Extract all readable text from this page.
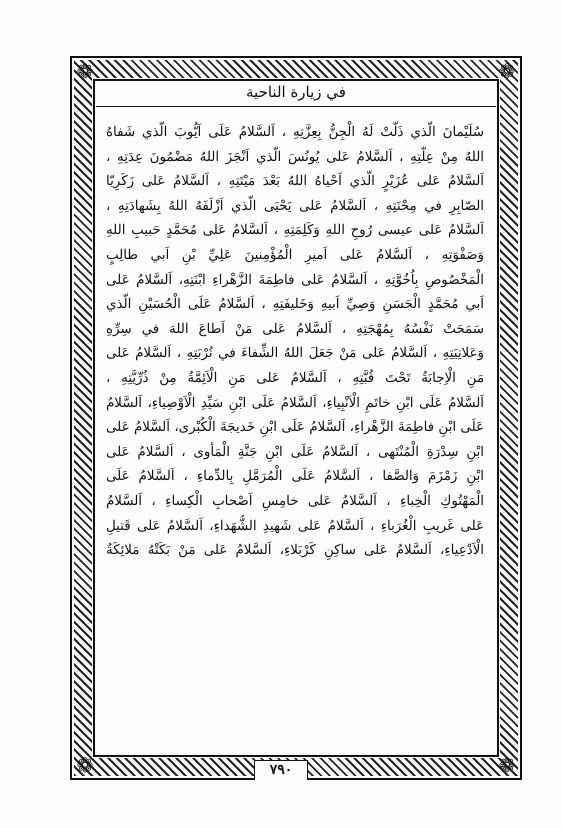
❁	❁
❁	❁
في زيارة الناحية
سُلَيْمانَ الَّذي ذَلَّتْ لَهُ الْجِنُّ بِعِزَّتِهِ ، اَلسَّلامُ عَلَى اَيُّوبَ الَّذي شَفاهُ
اللهُ مِنْ عِلَّتِهِ ، اَلسَّلامُ عَلى يُونُسَ الَّذي اَنْجَزَ اللهُ مَضْمُونَ عِدَتِهِ ،
اَلسَّلامُ عَلى عُزَيْرٍ الَّذي اَحْياهُ اللهُ بَعْدَ مَيْتَتِهِ ، اَلسَّلامُ عَلى زَكَرِيّا
الصّابِرِ في مِحْنَتِهِ ، اَلسَّلامُ عَلى يَحْيَى الَّذي اَزْلَفَهُ اللهُ بِشَهادَتِهِ ،
اَلسَّلامُ عَلى عيسى رُوحِ اللهِ وَكَلِمَتِهِ ، اَلسَّلامُ عَلى مُحَمَّدٍ حَبيبِ اللهِ
وَصَفْوَتِهِ ، اَلسَّلامُ عَلى اَميرِ الْمُؤْمِنينَ عَلِيِّ بْنِ اَبي طالِبٍ
الْمَخْصُوصِ بِاُخُوَّتِهِ ، اَلسَّلامُ عَلى فاطِمَةَ الزَّهْراءِ ابْنَتِهِ، اَلسَّلامُ عَلى
اَبي مُحَمَّدٍ الْحَسَنِ وَصِيِّ اَبيهِ وَخَليفَتِهِ ، اَلسَّلامُ عَلَى الْحُسَيْنِ الَّذي
سَمَحَتْ نَفْسُهُ بِمُهْجَتِهِ ، اَلسَّلامُ عَلى مَنْ اَطاعَ اللهَ في سِرِّهِ
وَعَلانِيَتِهِ ، اَلسَّلامُ عَلى مَنْ جَعَلَ اللهُ الشِّفاءَ في تُرْبَتِهِ ، اَلسَّلامُ عَلى
مَنِ الْاِجابَةُ تَحْتَ قُبَّتِهِ ، اَلسَّلامُ عَلى مَنِ الْاَئِمَّةُ مِنْ ذُرِّيَّتِهِ ،
اَلسَّلامُ عَلَى ابْنِ خاتَمِ الْاَنْبِياءِ، اَلسَّلامُ عَلَى ابْنِ سَيِّدِ الْاَوْصِياءِ، اَلسَّلامُ
عَلَى ابْنِ فاطِمَةَ الزَّهْراءِ، اَلسَّلامُ عَلَى ابْنِ خَديجَةَ الْكُبْرى، اَلسَّلامُ عَلى
ابْنِ سِدْرَةِ الْمُنْتَهى ، اَلسَّلامُ عَلَى ابْنِ جَنَّةِ الْمَأْوى ، اَلسَّلامُ عَلى
ابْنِ زَمْزَمَ وَالصَّفا ، اَلسَّلامُ عَلَى الْمُرَمَّلِ بِالدِّماءِ ، اَلسَّلامُ عَلَى
الْمَهْتُوكِ الْخِباءِ ، اَلسَّلامُ عَلى خامِسِ اَصْحابِ الْكِساءِ ، اَلسَّلامُ
عَلى غَريبِ الْغُرَباءِ ، اَلسَّلامُ عَلى شَهيدِ الشُّهَداءِ، اَلسَّلامُ عَلى قَتيلِ
الْاَدْعِياءِ، اَلسَّلامُ عَلى ساكِنِ كَرْبَلاءِ، اَلسَّلامُ عَلى مَنْ بَكَتْهُ مَلائِكَةُ
٧٩٠
